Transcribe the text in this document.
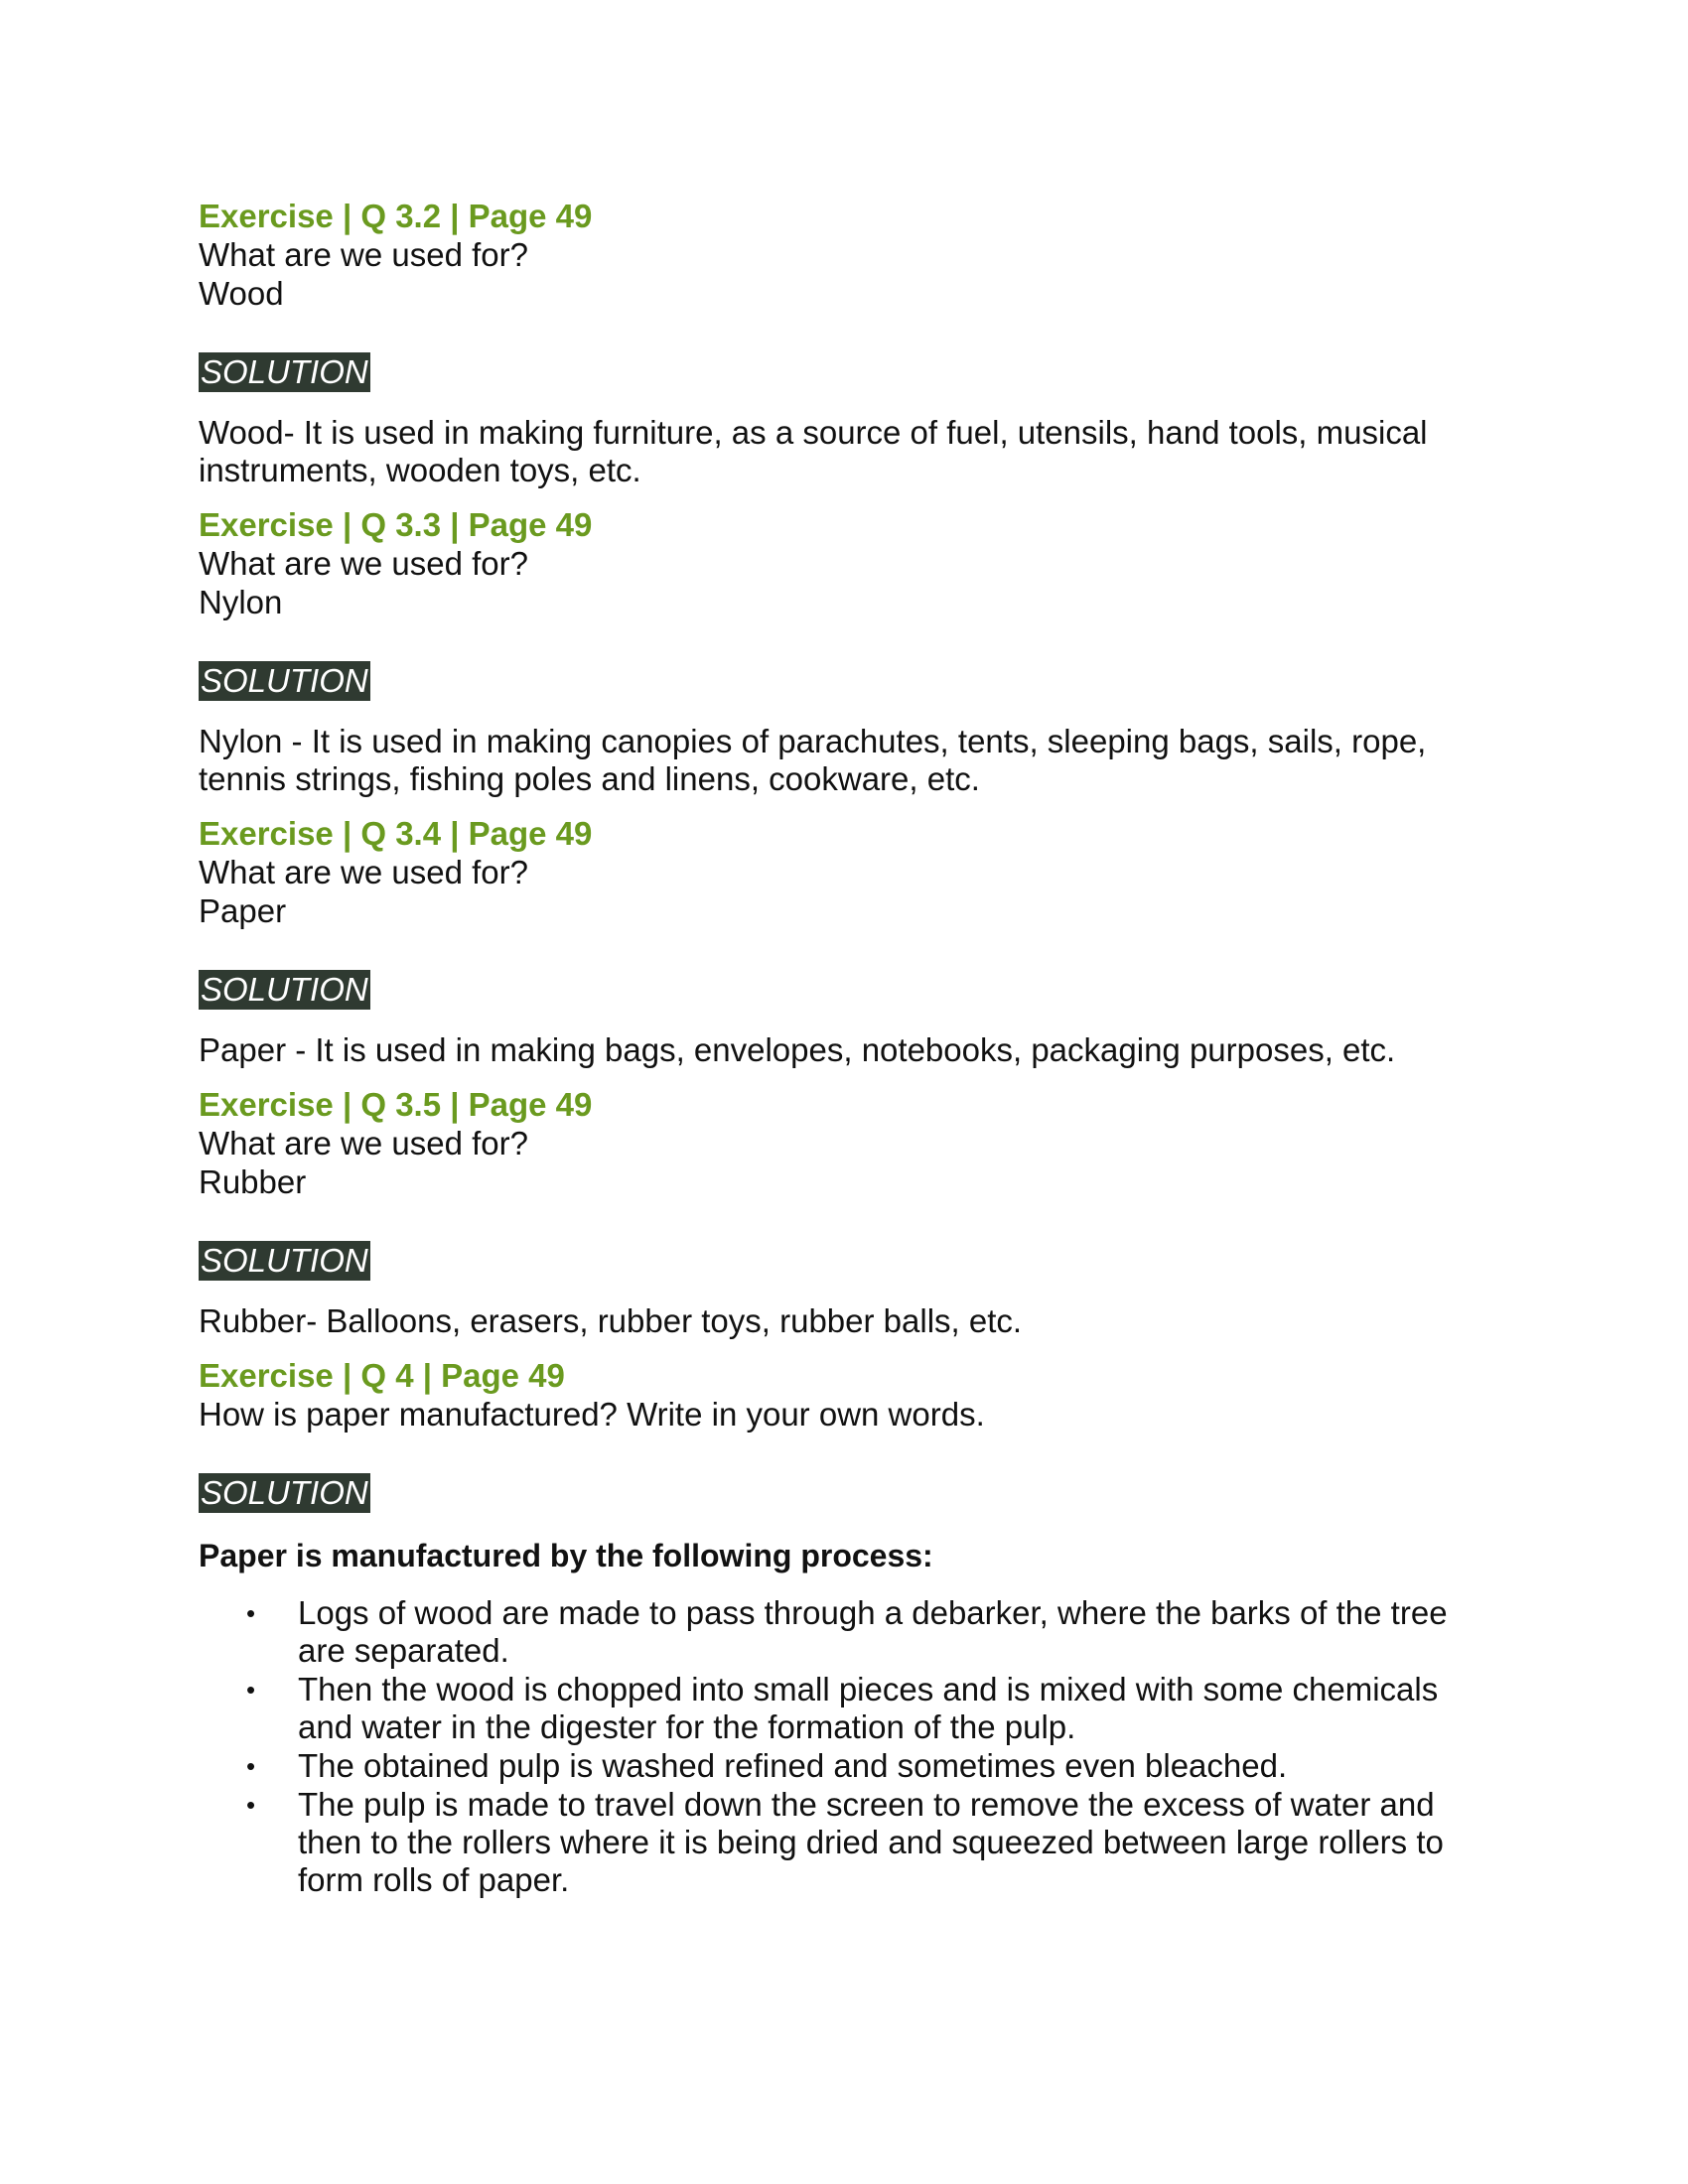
Exercise | Q 3.2 | Page 49

What are we used for?

Wood

SOLUTION

Wood- It is used in making furniture, as a source of fuel, utensils, hand tools, musical instruments, wooden toys, etc.

Exercise | Q 3.3 | Page 49

What are we used for?

Nylon

SOLUTION

Nylon - It is used in making canopies of parachutes, tents, sleeping bags, sails, rope, tennis strings, fishing poles and linens, cookware, etc.

Exercise | Q 3.4 | Page 49

What are we used for?

Paper

SOLUTION

Paper - It is used in making bags, envelopes, notebooks, packaging purposes, etc.

Exercise | Q 3.5 | Page 49

What are we used for?

Rubber

SOLUTION

Rubber- Balloons, erasers, rubber toys, rubber balls, etc.

Exercise | Q 4 | Page 49

How is paper manufactured? Write in your own words.

SOLUTION

Paper is manufactured by the following process:

• Logs of wood are made to pass through a debarker, where the barks of the tree are separated.
• Then the wood is chopped into small pieces and is mixed with some chemicals and water in the digester for the formation of the pulp.
• The obtained pulp is washed refined and sometimes even bleached.
• The pulp is made to travel down the screen to remove the excess of water and then to the rollers where it is being dried and squeezed between large rollers to form rolls of paper.
